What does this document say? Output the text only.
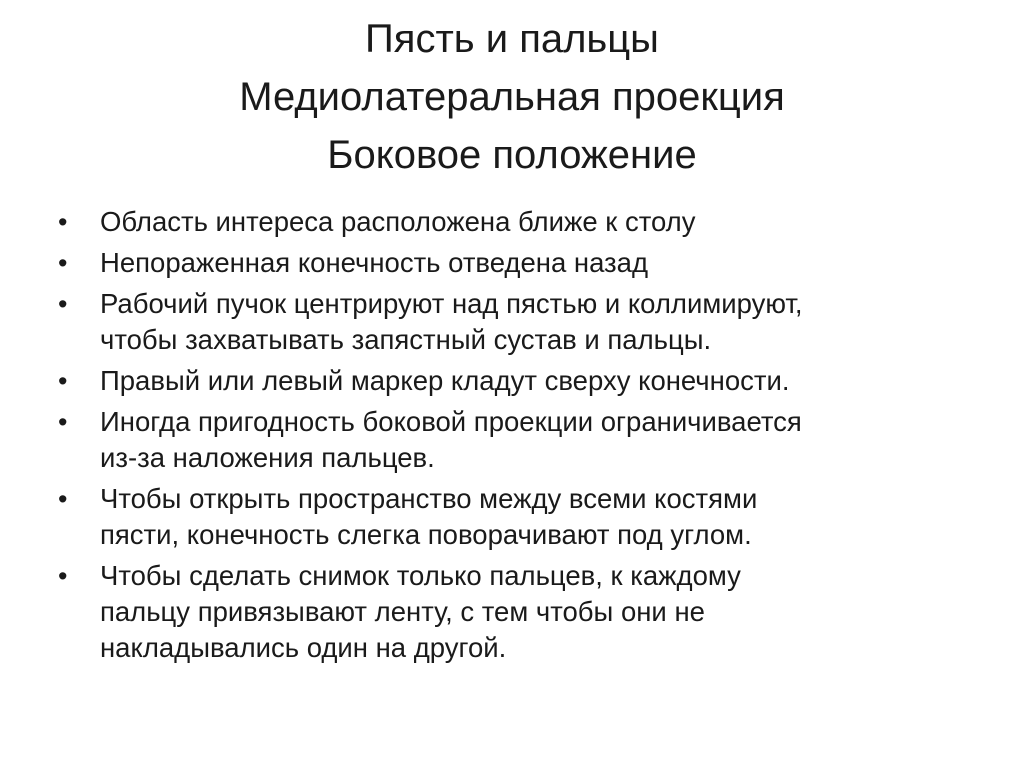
Пясть и пальцы
Медиолатеральная проекция
Боковое положение
•	Область интереса расположена ближе к столу
•	Непораженная конечность отведена назад
•	Рабочий пучок центрируют над пястью и коллимируют,
чтобы захватывать запястный сустав и пальцы.
•	Правый или левый маркер кладут сверху конечности.
•	Иногда пригодность боковой проекции ограничивается
из-за наложения пальцев.
•	Чтобы открыть пространство между всеми костями
пясти, конечность слегка поворачивают под углом.
•	Чтобы сделать снимок только пальцев, к каждому
пальцу привязывают ленту, с тем чтобы они не
накладывались один на другой.
